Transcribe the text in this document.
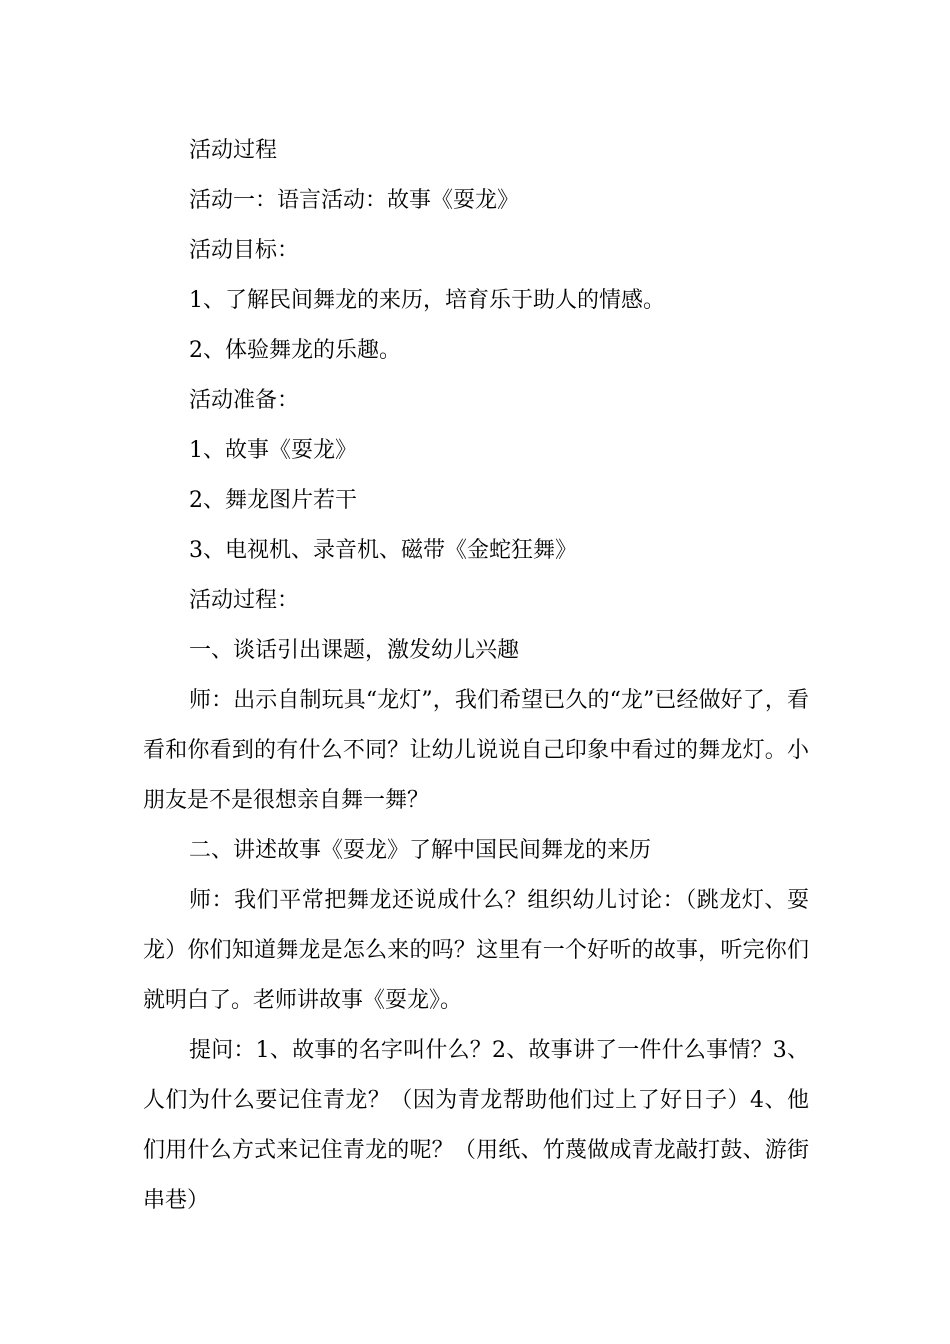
活动过程

活动一：语言活动：故事《耍龙》

活动目标：

1、了解民间舞龙的来历，培育乐于助人的情感。

2、体验舞龙的乐趣。

活动准备：

1、故事《耍龙》

2、舞龙图片若干

3、电视机、录音机、磁带《金蛇狂舞》

活动过程：

一、谈话引出课题，激发幼儿兴趣

师：出示自制玩具“龙灯”，我们希望已久的“龙”已经做好了，看看和你看到的有什么不同？让幼儿说说自己印象中看过的舞龙灯。小朋友是不是很想亲自舞一舞？

二、讲述故事《耍龙》了解中国民间舞龙的来历

师：我们平常把舞龙还说成什么？组织幼儿讨论：（跳龙灯、耍龙）你们知道舞龙是怎么来的吗？这里有一个好听的故事，听完你们就明白了。老师讲故事《耍龙》。

提问：1、故事的名字叫什么？2、故事讲了一件什么事情？3、人们为什么要记住青龙？（因为青龙帮助他们过上了好日子）4、他们用什么方式来记住青龙的呢？（用纸、竹蔑做成青龙敲打鼓、游街串巷）
